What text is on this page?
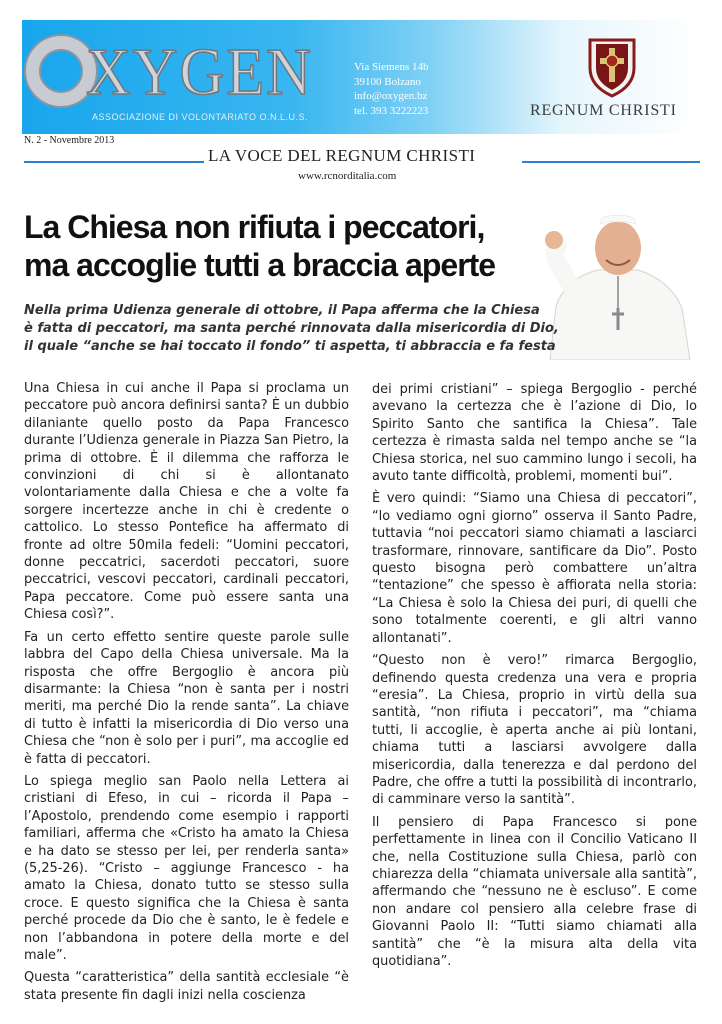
XYGEN
ASSOCIAZIONE DI VOLONTARIATO O.N.L.U.S.
Via Siemens 14b
39100 Bolzano
info@oxygen.bz
tel. 393 3222223	REGNUM CHRISTI
N. 2 - Novembre 2013
LA VOCE DEL REGNUM CHRISTI
www.rcnorditalia.com
La Chiesa non rifiuta i peccatori,
ma accoglie tutti a braccia aperte
Nella prima Udienza generale di ottobre, il Papa afferma che la Chiesa
è fatta di peccatori, ma santa perché rinnovata dalla misericordia di Dio,
il quale “anche se hai toccato il fondo” ti aspetta, ti abbraccia e fa festa

Una Chiesa in cui anche il Papa si proclama un peccatore può ancora definirsi santa? È un dubbio dilaniante quello posto da Papa Francesco durante l’Udienza generale in Piazza San Pietro, la prima di ottobre. È il dilemma che rafforza le convinzioni di chi si è allontanato volontariamente dalla Chiesa e che a volte fa sorgere incertezze anche in chi è credente o cattolico. Lo stesso Pontefice ha affermato di fronte ad oltre 50mila fedeli: “Uomini peccatori, donne peccatrici, sacerdoti peccatori, suore peccatrici, vescovi peccatori, cardinali peccatori, Papa peccatore. Come può essere santa una Chiesa così?”.

Fa un certo effetto sentire queste parole sulle labbra del Capo della Chiesa universale. Ma la risposta che offre Bergoglio è ancora più disarmante: la Chiesa “non è santa per i nostri meriti, ma perché Dio la rende santa”. La chiave di tutto è infatti la misericordia di Dio verso una Chiesa che “non è solo per i puri”, ma accoglie ed è fatta di peccatori.

Lo spiega meglio san Paolo nella Lettera ai cristiani di Efeso, in cui – ricorda il Papa – l’Apostolo, prendendo come esempio i rapporti familiari, afferma che «Cristo ha amato la Chiesa e ha dato se stesso per lei, per renderla santa» (5,25-26). “Cristo – aggiunge Francesco - ha amato la Chiesa, donato tutto se stesso sulla croce. E questo significa che la Chiesa è santa perché procede da Dio che è santo, le è fedele e non l’abbandona in potere della morte e del male”.

Questa “caratteristica” della santità ecclesiale “è stata presente fin dagli inizi nella coscienza

dei primi cristiani” – spiega Bergoglio - perché avevano la certezza che è l’azione di Dio, lo Spirito Santo che santifica la Chiesa”. Tale certezza è rimasta salda nel tempo anche se “la Chiesa storica, nel suo cammino lungo i secoli, ha avuto tante difficoltà, problemi, momenti bui”.

È vero quindi: “Siamo una Chiesa di peccatori”, “lo vediamo ogni giorno” osserva il Santo Padre, tuttavia “noi peccatori siamo chiamati a lasciarci trasformare, rinnovare, santificare da Dio”. Posto questo bisogna però combattere un’altra “tentazione” che spesso è affiorata nella storia: “La Chiesa è solo la Chiesa dei puri, di quelli che sono totalmente coerenti, e gli altri vanno allontanati”.

“Questo non è vero!” rimarca Bergoglio, definendo questa credenza una vera e propria “eresia”. La Chiesa, proprio in virtù della sua santità, “non rifiuta i peccatori”, ma “chiama tutti, li accoglie, è aperta anche ai più lontani, chiama tutti a lasciarsi avvolgere dalla misericordia, dalla tenerezza e dal perdono del Padre, che offre a tutti la possibilità di incontrarlo, di camminare verso la santità”.

Il pensiero di Papa Francesco si pone perfettamente in linea con il Concilio Vaticano II che, nella Costituzione sulla Chiesa, parlò con chiarezza della “chiamata universale alla santità”, affermando che “nessuno ne è escluso”. E come non andare col pensiero alla celebre frase di Giovanni Paolo II: “Tutti siamo chiamati alla santità” che “è la misura alta della vita quotidiana”.
